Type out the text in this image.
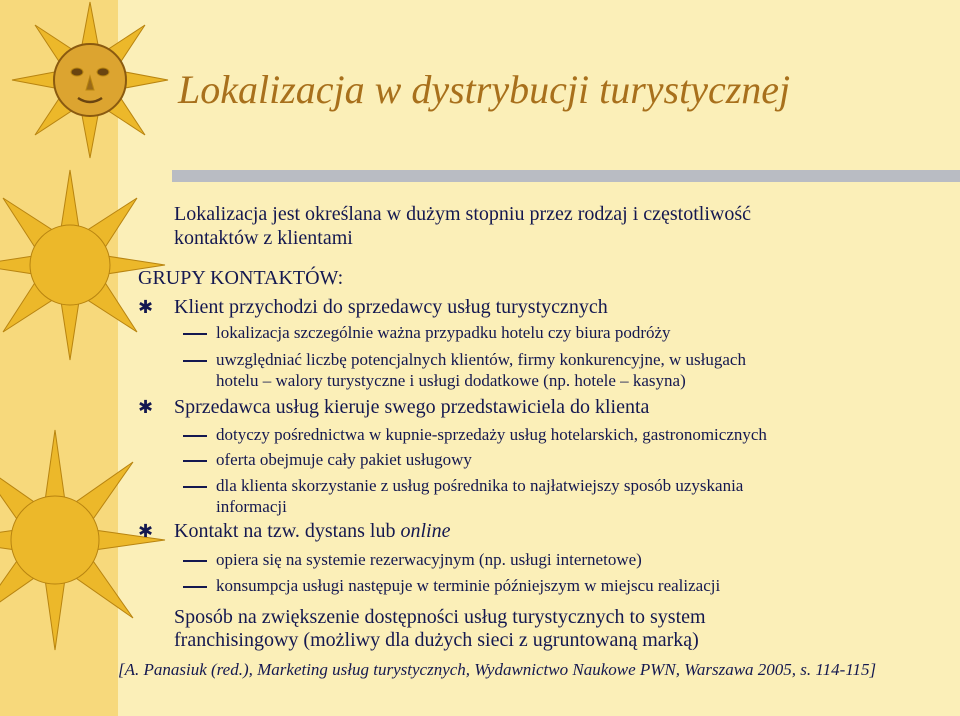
Lokalizacja w dystrybucji turystycznej
Lokalizacja jest określana w dużym stopniu przez rodzaj i częstotliwość
kontaktów z klientami
GRUPY KONTAKTÓW:
✱ Klient przychodzi do sprzedawcy usług turystycznych
lokalizacja szczególnie ważna przypadku hotelu czy biura podróży
uwzględniać liczbę potencjalnych klientów, firmy konkurencyjne, w usługach
hotelu – walory turystyczne i usługi dodatkowe (np. hotele – kasyna)
✱ Sprzedawca usług kieruje swego przedstawiciela do klienta
dotyczy pośrednictwa w kupnie-sprzedaży usług hotelarskich, gastronomicznych
oferta obejmuje cały pakiet usługowy
dla klienta skorzystanie z usług pośrednika to najłatwiejszy sposób uzyskania
informacji
✱ Kontakt na tzw. dystans lub online
opiera się na systemie rezerwacyjnym (np. usługi internetowe)
konsumpcja usługi następuje w terminie późniejszym w miejscu realizacji
Sposób na zwiększenie dostępności usług turystycznych to system
franchisingowy (możliwy dla dużych sieci z ugruntowaną marką)
[A. Panasiuk (red.), Marketing usług turystycznych, Wydawnictwo Naukowe PWN, Warszawa 2005, s. 114-115]
